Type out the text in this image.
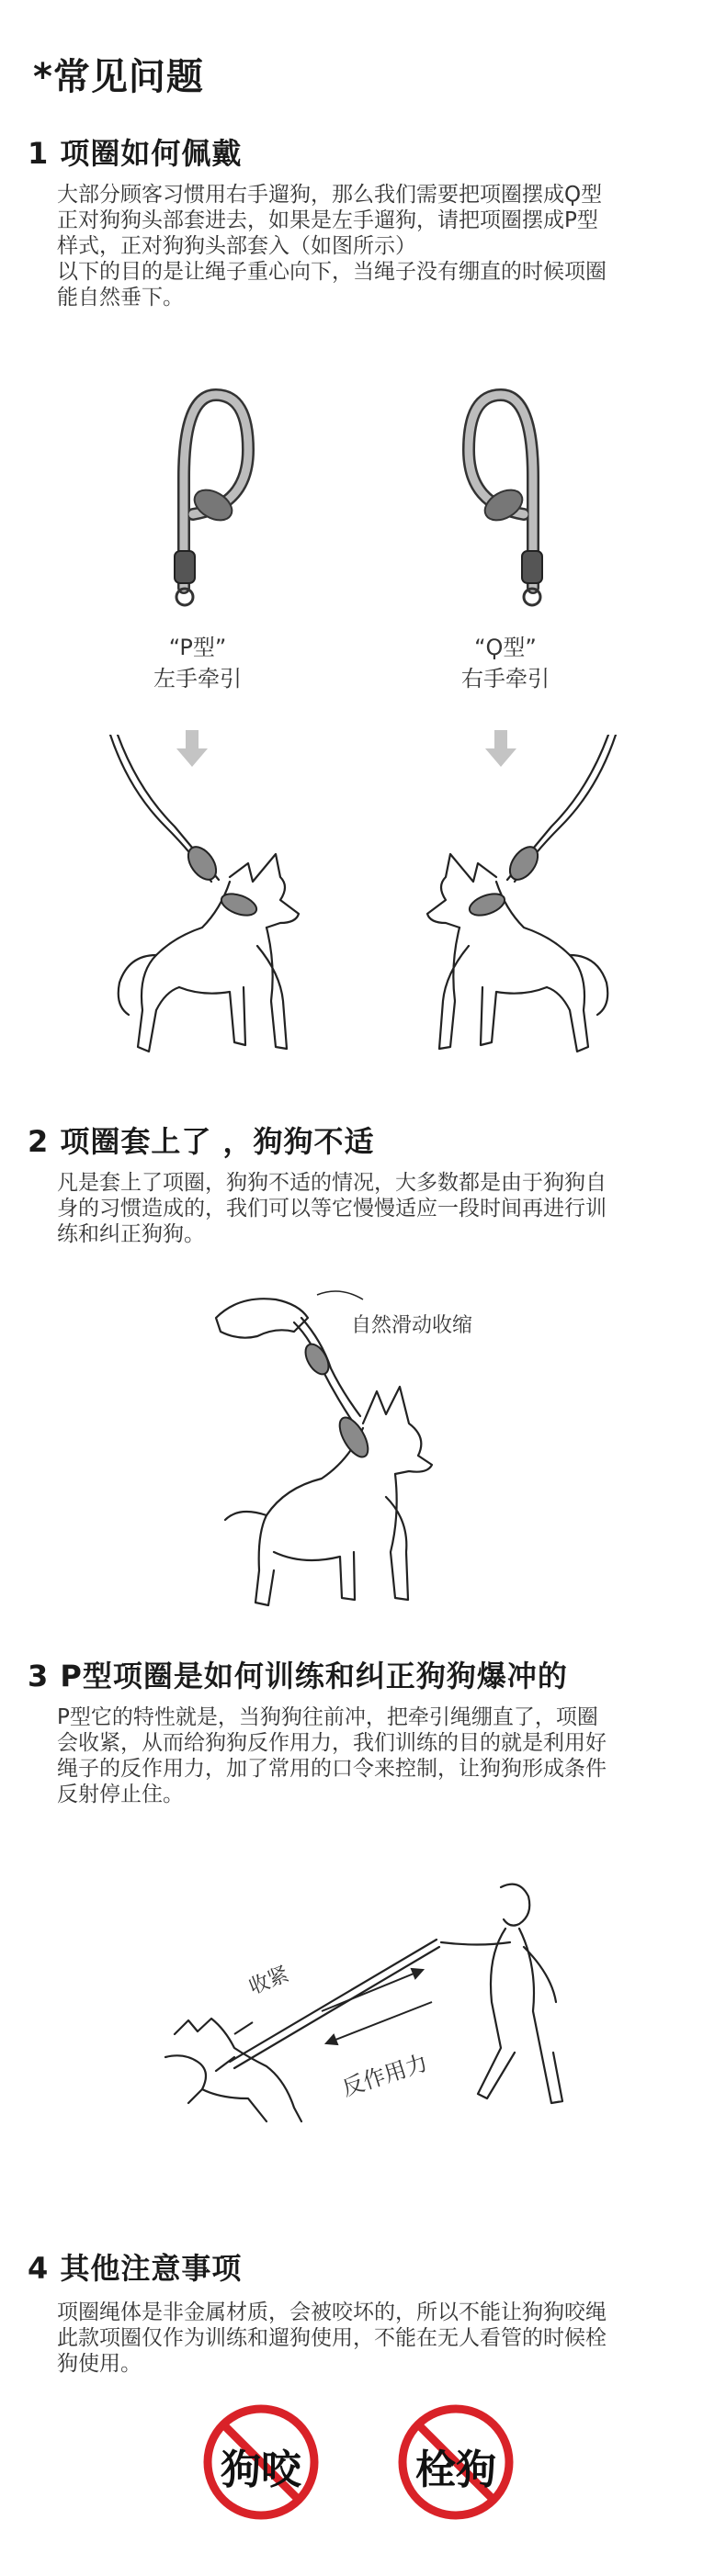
*常见问题
1 项圈如何佩戴
大部分顾客习惯用右手遛狗，那么我们需要把项圈摆成Ϙ型
正对狗狗头部套进去，如果是左手遛狗，请把项圈摆成P型
样式，正对狗狗头部套入（如图所示）
以下的目的是让绳子重心向下，当绳子没有绷直的时候项圈
能自然垂下。
“P型”
左手牵引
“Ϙ型”
右手牵引
2 项圈套上了 ，狗狗不适
凡是套上了项圈，狗狗不适的情况，大多数都是由于狗狗自
身的习惯造成的，我们可以等它慢慢适应一段时间再进行训
练和纠正狗狗。
自然滑动收缩
3 P型项圈是如何训练和纠正狗狗爆冲的
P型它的特性就是，当狗狗往前冲，把牵引绳绷直了，项圈
会收紧，从而给狗狗反作用力，我们训练的目的就是利用好
绳子的反作用力，加了常用的口令来控制，让狗狗形成条件
反射停止住。
收紧
反作用力
4 其他注意事项
项圈绳体是非金属材质，会被咬坏的，所以不能让狗狗咬绳
此款项圈仅作为训练和遛狗使用，不能在无人看管的时候栓
狗使用。
狗咬	栓狗
